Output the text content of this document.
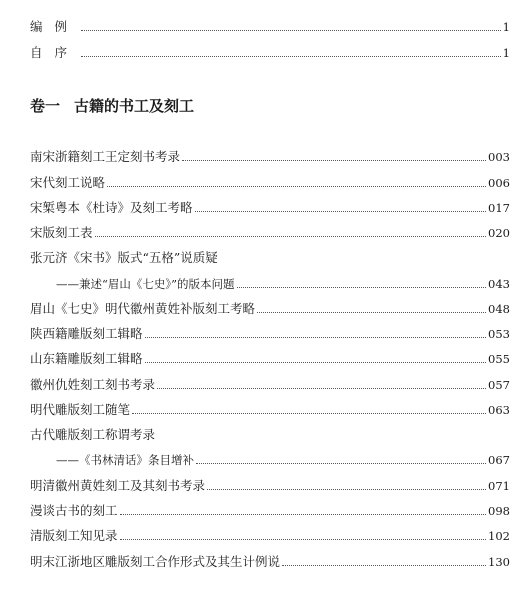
编例	1
自序	1
卷一 古籍的书工及刻工
南宋浙籍刻工王定刻书考录	003
宋代刻工说略	006
宋椠粤本《杜诗》及刻工考略	017
宋版刻工表	020
张元济《宋书》版式“五格”说质疑
——兼述“眉山《七史》”的版本问题	043
眉山《七史》明代徽州黄姓补版刻工考略	048
陕西籍雕版刻工辑略	053
山东籍雕版刻工辑略	055
徽州仇姓刻工刻书考录	057
明代雕版刻工随笔	063
古代雕版刻工称谓考录
——《书林清话》条目增补	067
明清徽州黄姓刻工及其刻书考录	071
漫谈古书的刻工	098
清版刻工知见录	102
明末江浙地区雕版刻工合作形式及其生计例说	130
